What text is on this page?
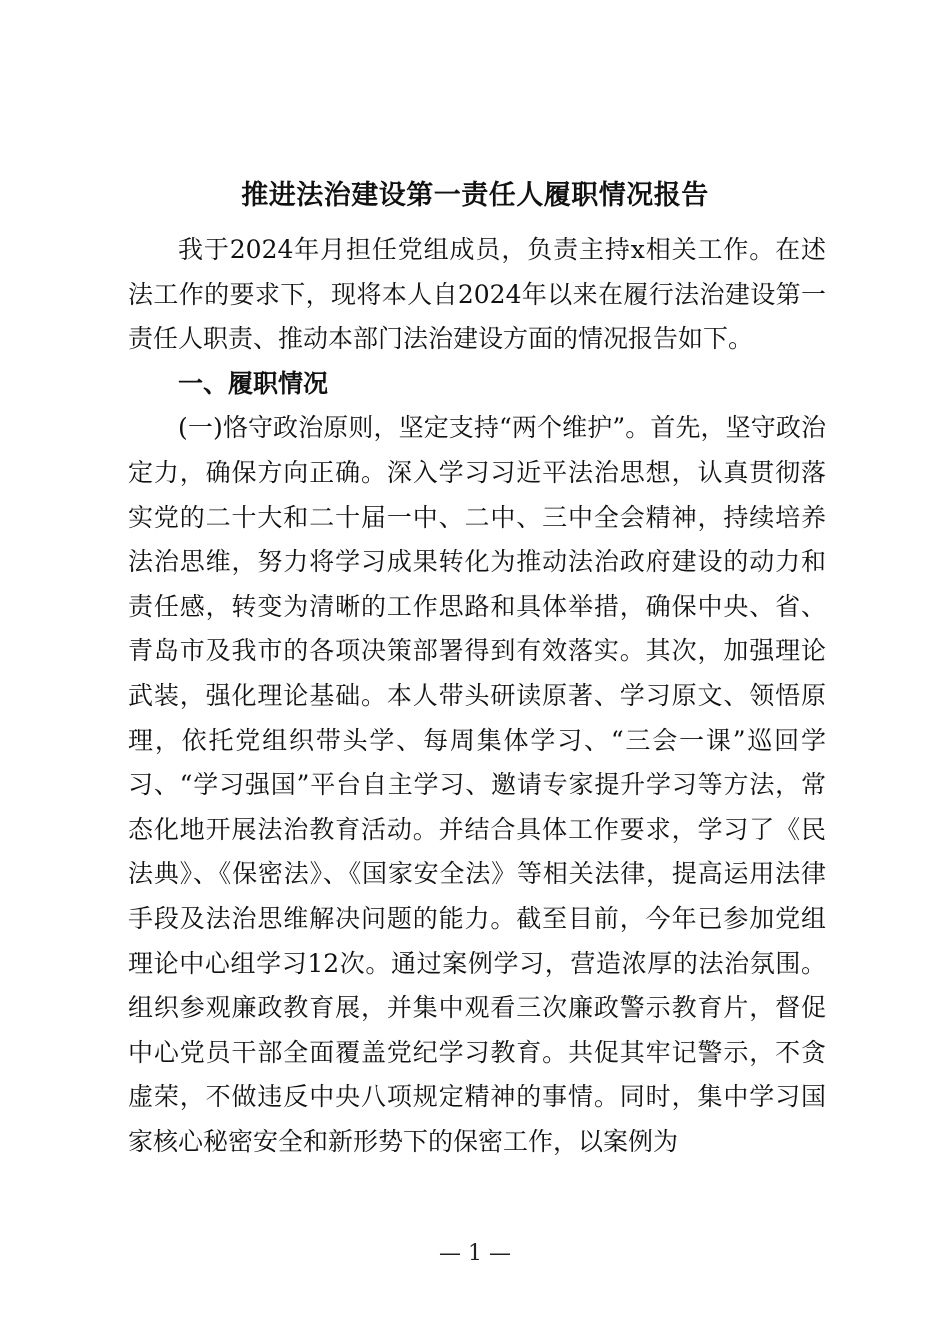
推进法治建设第一责任人履职情况报告

我于2024年月担任党组成员，负责主持x相关工作。在述法工作的要求下，现将本人自2024年以来在履行法治建设第一责任人职责、推动本部门法治建设方面的情况报告如下。

一、履职情况

(一)恪守政治原则，坚定支持“两个维护”。首先，坚守政治定力，确保方向正确。深入学习习近平法治思想，认真贯彻落实党的二十大和二十届一中、二中、三中全会精神，持续培养法治思维，努力将学习成果转化为推动法治政府建设的动力和责任感，转变为清晰的工作思路和具体举措，确保中央、省、青岛市及我市的各项决策部署得到有效落实。其次，加强理论武装，强化理论基础。本人带头研读原著、学习原文、领悟原理，依托党组织带头学、每周集体学习、“三会一课”巡回学习、“学习强国”平台自主学习、邀请专家提升学习等方法，常态化地开展法治教育活动。并结合具体工作要求，学习了《民法典》、《保密法》、《国家安全法》等相关法律，提高运用法律手段及法治思维解决问题的能力。截至目前，今年已参加党组理论中心组学习12次。通过案例学习，营造浓厚的法治氛围。组织参观廉政教育展，并集中观看三次廉政警示教育片，督促中心党员干部全面覆盖党纪学习教育。共促其牢记警示，不贪虚荣，不做违反中央八项规定精神的事情。同时，集中学习国家核心秘密安全和新形势下的保密工作，以案例为

— 1 —
